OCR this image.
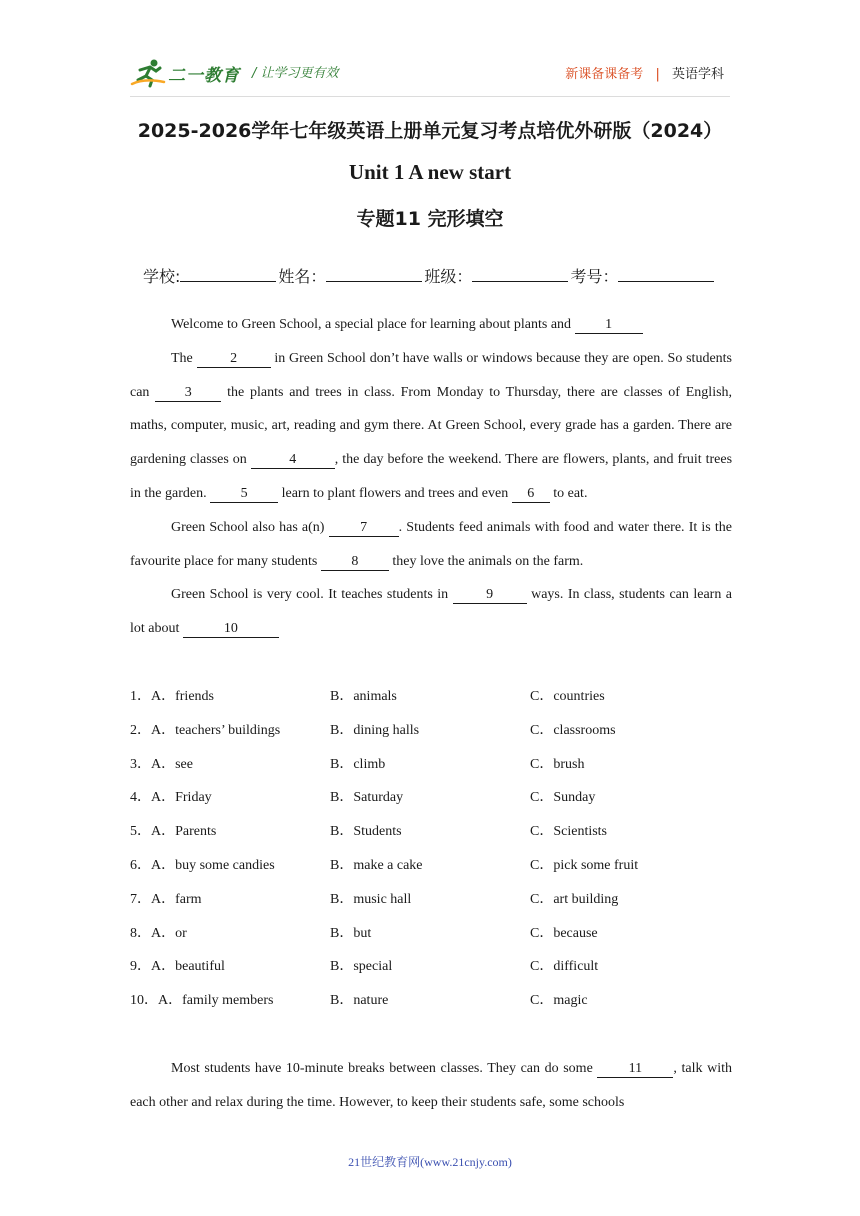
二一教育 / 让学习更有效	新课备课备考 | 英语学科
2025-2026学年七年级英语上册单元复习考点培优外研版（2024）
Unit 1 A new start
专题11 完形填空
学校:	姓名：	班级：	考号：

Welcome to Green School, a special place for learning about plants and 1

The	2	in Green School don’t have walls or windows because they are open. So students can	3	the plants and trees in class. From Monday to Thursday, there are classes of English, maths, computer, music, art, reading and gym there. At Green School, every grade has a garden. There are gardening classes on	4	, the day before the weekend. There are flowers, plants, and fruit trees in the garden. 5 learn to plant flowers and trees and even 6 to eat.

Green School also has a(n)	7 . Students feed animals with food and water there. It is the favourite place for many students 8 they love the animals on the farm.

Green School is very cool. It teaches students in	9	ways. In class, students can learn a lot about	10

1．A．friends	B．animals	C．countries
2．A．teachers’ buildings	B．dining halls	C．classrooms
3．A．see	B．climb	C．brush
4．A．Friday	B．Saturday	C．Sunday
5．A．Parents	B．Students	C．Scientists
6．A．buy some candies	B．make a cake	C．pick some fruit
7．A．farm	B．music hall	C．art building
8．A．or	B．but	C．because
9．A．beautiful	B．special	C．difficult
10．A．family members	B．nature	C．magic

Most students have 10-minute breaks between classes. They can do some	11 , talk with each other and relax during the time. However, to keep their students safe, some schools

21世纪教育网(www.21cnjy.com)
